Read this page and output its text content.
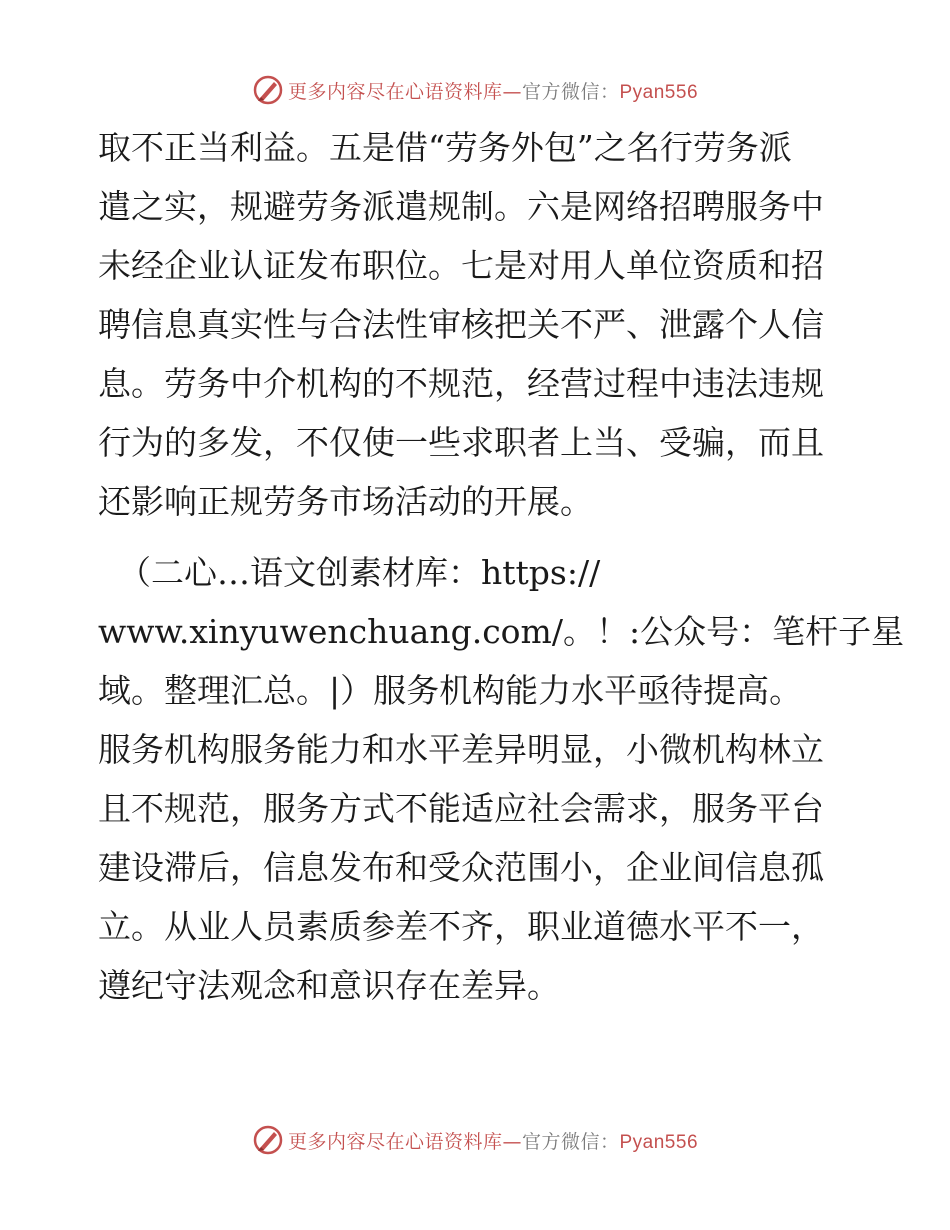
更多内容尽在心语资料库—官方微信：Pyan556
取不正当利益。五是借“劳务外包”之名行劳务派
遣之实，规避劳务派遣规制。六是网络招聘服务中
未经企业认证发布职位。七是对用人单位资质和招
聘信息真实性与合法性审核把关不严、泄露个人信
息。劳务中介机构的不规范，经营过程中违法违规
行为的多发，不仅使一些求职者上当、受骗，而且
还影响正规劳务市场活动的开展。
（二心…语文创素材库：https://
www.xinyuwenchuang.com/。！:公众号：笔杆子星
域。整理汇总。|）服务机构能力水平亟待提高。
服务机构服务能力和水平差异明显，小微机构林立
且不规范，服务方式不能适应社会需求，服务平台
建设滞后，信息发布和受众范围小，企业间信息孤
立。从业人员素质参差不齐，职业道德水平不一，
遵纪守法观念和意识存在差异。
更多内容尽在心语资料库—官方微信：Pyan556
